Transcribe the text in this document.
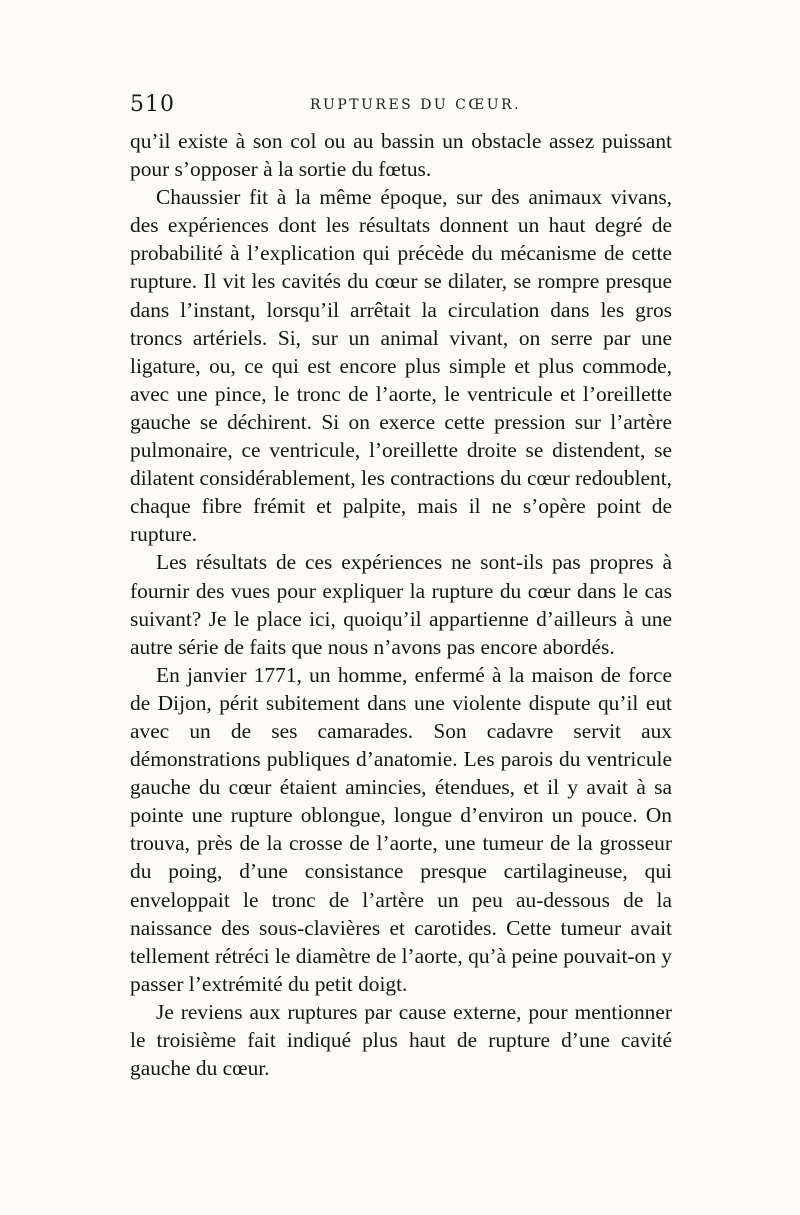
510	RUPTURES DU CŒUR.

qu’il existe à son col ou au bassin un obstacle assez puissant pour s’opposer à la sortie du fœtus.

Chaussier fit à la même époque, sur des animaux vivans, des expériences dont les résultats donnent un haut degré de probabilité à l’explication qui précède du mécanisme de cette rupture. Il vit les cavités du cœur se dilater, se rompre presque dans l’instant, lorsqu’il arrêtait la circulation dans les gros troncs artériels. Si, sur un animal vivant, on serre par une ligature, ou, ce qui est encore plus simple et plus commode, avec une pince, le tronc de l’aorte, le ventricule et l’oreillette gauche se déchirent. Si on exerce cette pression sur l’artère pulmonaire, ce ventricule, l’oreillette droite se distendent, se dilatent considérablement, les contractions du cœur redoublent, chaque fibre frémit et palpite, mais il ne s’opère point de rupture.

Les résultats de ces expériences ne sont-ils pas propres à fournir des vues pour expliquer la rupture du cœur dans le cas suivant? Je le place ici, quoiqu’il appartienne d’ailleurs à une autre série de faits que nous n’avons pas encore abordés.

En janvier 1771, un homme, enfermé à la maison de force de Dijon, périt subitement dans une violente dispute qu’il eut avec un de ses camarades. Son cadavre servit aux démonstrations publiques d’anatomie. Les parois du ventricule gauche du cœur étaient amincies, étendues, et il y avait à sa pointe une rupture oblongue, longue d’environ un pouce. On trouva, près de la crosse de l’aorte, une tumeur de la grosseur du poing, d’une consistance presque cartilagineuse, qui enveloppait le tronc de l’artère un peu au-dessous de la naissance des sous-clavières et carotides. Cette tumeur avait tellement rétréci le diamètre de l’aorte, qu’à peine pouvait-on y passer l’extrémité du petit doigt.

Je reviens aux ruptures par cause externe, pour mentionner le troisième fait indiqué plus haut de rupture d’une cavité gauche du cœur.
